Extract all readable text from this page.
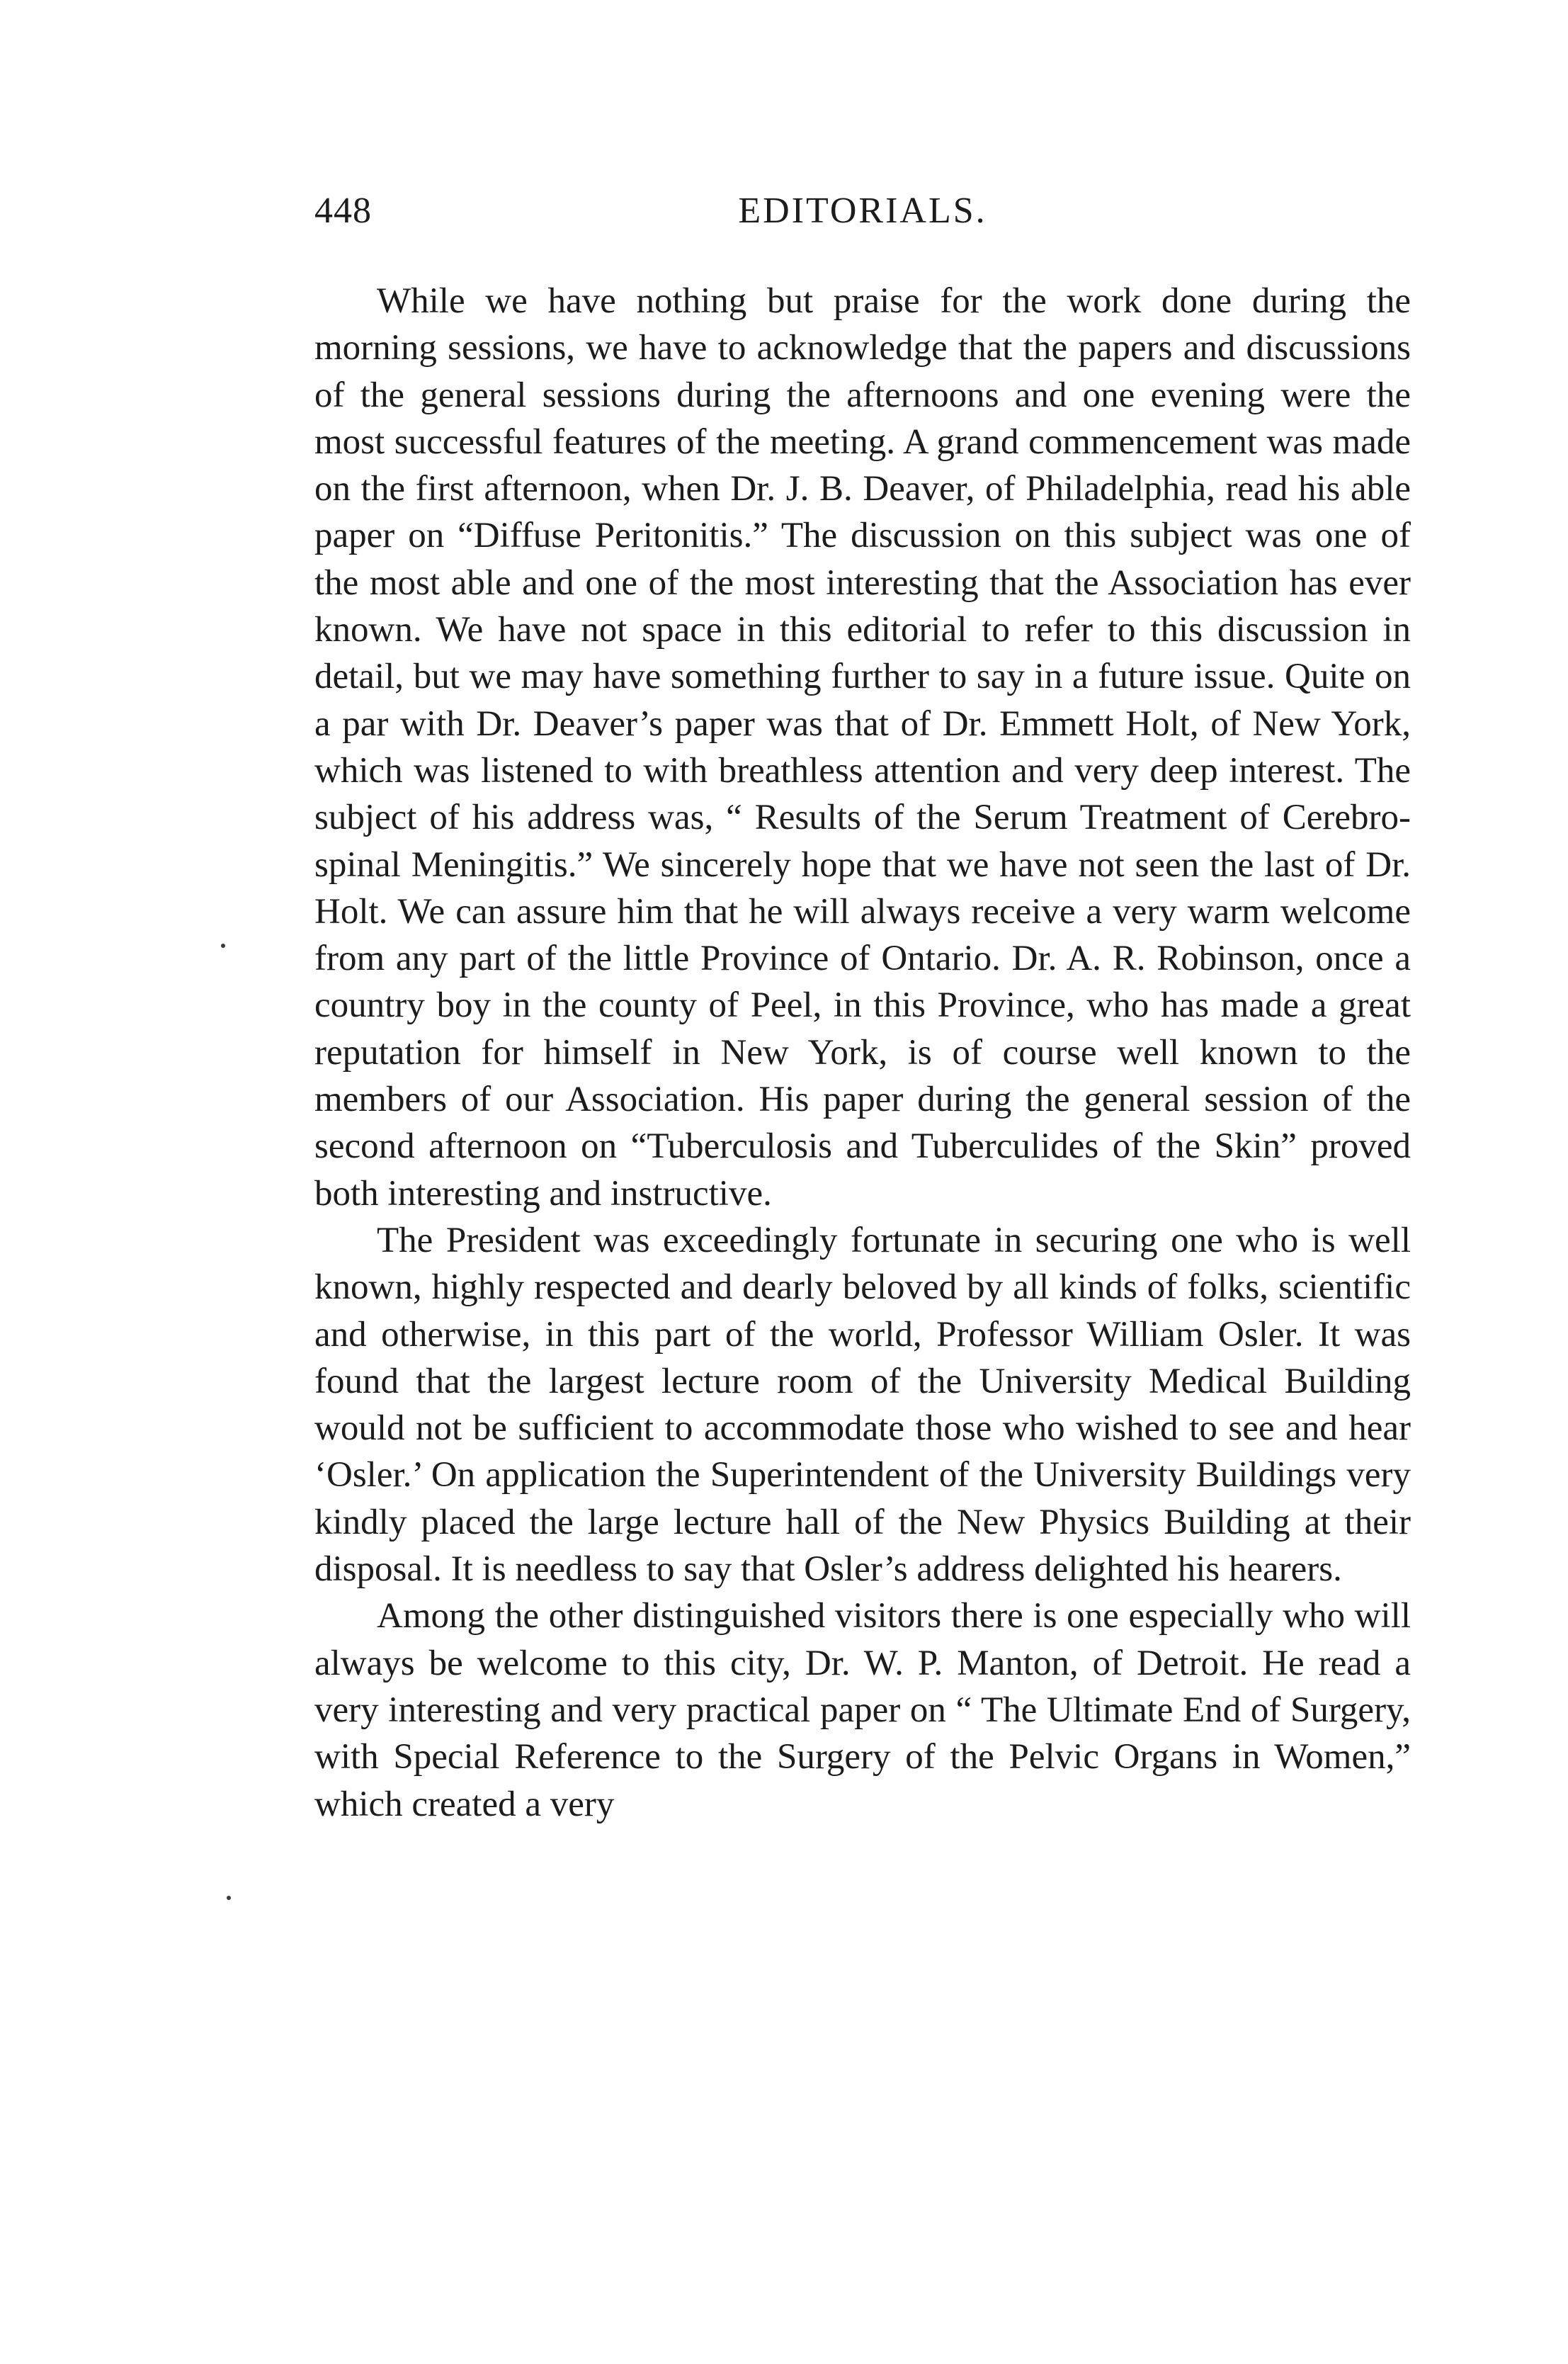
448	EDITORIALS.

While we have nothing but praise for the work done during the morning sessions, we have to acknowledge that the papers and discussions of the general sessions during the afternoons and one evening were the most successful features of the meeting. A grand commencement was made on the first afternoon, when Dr. J. B. Deaver, of Philadelphia, read his able paper on “Diffuse Peritonitis.” The discussion on this subject was one of the most able and one of the most interesting that the Association has ever known. We have not space in this editorial to refer to this discussion in detail, but we may have something further to say in a future issue. Quite on a par with Dr. Deaver’s paper was that of Dr. Emmett Holt, of New York, which was listened to with breathless attention and very deep interest. The subject of his address was, “ Results of the Serum Treatment of Cerebro-spinal Meningitis.” We sincerely hope that we have not seen the last of Dr. Holt. We can assure him that he will always receive a very warm welcome from any part of the little Province of Ontario. Dr. A. R. Robinson, once a country boy in the county of Peel, in this Province, who has made a great reputation for himself in New York, is of course well known to the members of our Association. His paper during the general session of the second afternoon on “Tuberculosis and Tuberculides of the Skin” proved both interesting and instructive.

The President was exceedingly fortunate in securing one who is well known, highly respected and dearly beloved by all kinds of folks, scientific and otherwise, in this part of the world, Professor William Osler. It was found that the largest lecture room of the University Medical Building would not be sufficient to accommodate those who wished to see and hear ‘Osler.’ On application the Superintendent of the University Buildings very kindly placed the large lecture hall of the New Physics Building at their disposal. It is needless to say that Osler’s address delighted his hearers.

Among the other distinguished visitors there is one especially who will always be welcome to this city, Dr. W. P. Manton, of Detroit. He read a very interesting and very practical paper on “ The Ultimate End of Surgery, with Special Reference to the Surgery of the Pelvic Organs in Women,” which created a very
